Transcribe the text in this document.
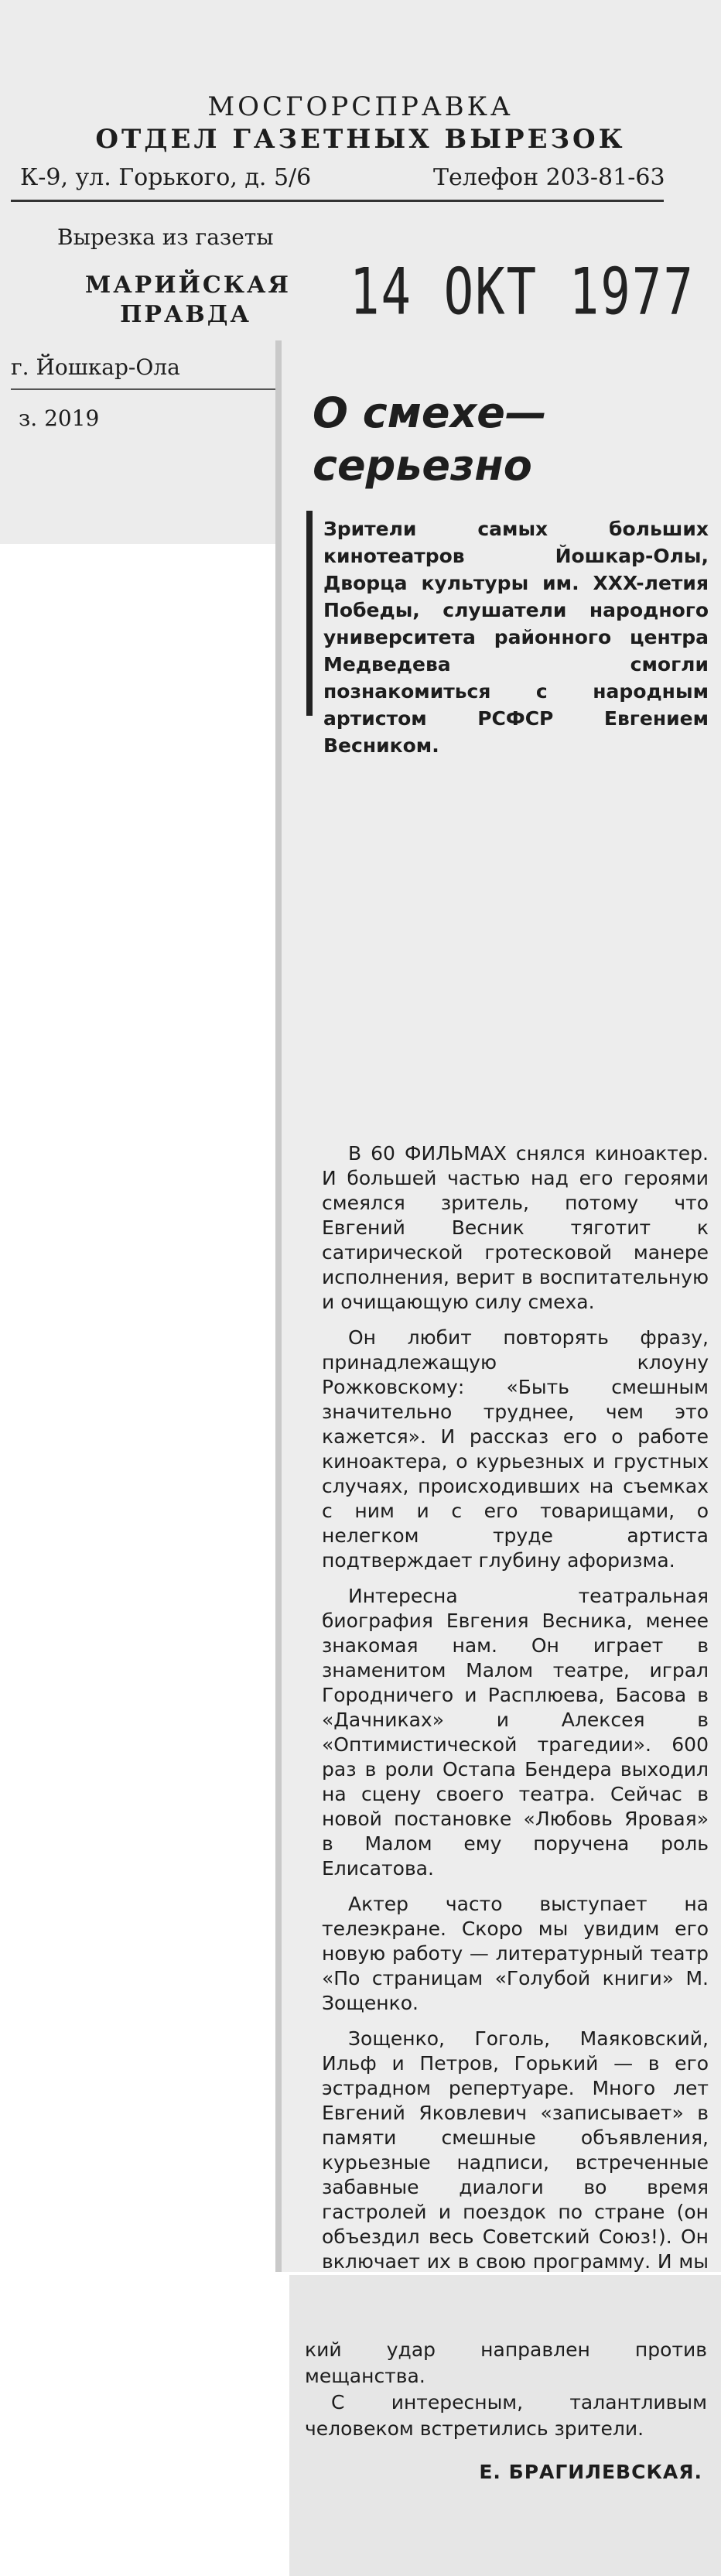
МОСГОРСПРАВКА
ОТДЕЛ ГАЗЕТНЫХ ВЫРЕЗОК
К-9, ул. Горького, д. 5/6	Телефон 203-81-63
Вырезка из газеты
МАРИЙСКАЯ ПРАВДА	14 ОКТ 1977
г. Йошкар-Ола
з. 2019	О смехе—
серьезно
Зрители самых больших кинотеатров Йошкар-Олы, Дворца культуры им. XXX-летия Победы, слушатели народного университета районного центра Медведева смогли познакомиться с народным артистом РСФСР Евгением Весником.

В 60 ФИЛЬМАХ снялся киноактер. И большей частью над его героями смеялся зритель, потому что Евгений Весник тяготит к сатирической гротесковой манере исполнения, верит в воспитательную и очищающую силу смеха.

Он любит повторять фразу, принадлежащую клоуну Рожковскому: «Быть смешным значительно труднее, чем это кажется». И рассказ его о работе киноактера, о курьезных и грустных случаях, происходивших на съемках с ним и с его товарищами, о нелегком труде артиста подтверждает глубину афоризма.

Интересна театральная биография Евгения Весника, менее знакомая нам. Он играет в знаменитом Малом театре, играл Городничего и Расплюева, Басова в «Дачниках» и Алексея в «Оптимистической трагедии». 600 раз в роли Остапа Бендера выходил на сцену своего театра. Сейчас в новой постановке «Любовь Яровая» в Малом ему поручена роль Елисатова.

Актер часто выступает на телеэкране. Скоро мы увидим его новую работу — литературный театр «По страницам «Голубой книги» М. Зощенко.

Зощенко, Гоголь, Маяковский, Ильф и Петров, Горький — в его эстрадном репертуаре. Много лет Евгений Яковлевич «записывает» в памяти смешные объявления, курьезные надписи, встреченные забавные диалоги во время гастролей и поездок по стране (он объездил весь Советский Союз!). Он включает их в свою программу. И мы

кий удар направлен против мещанства.

С интересным, талантливым человеком встретились зрители.

Е. БРАГИЛЕВСКАЯ.
